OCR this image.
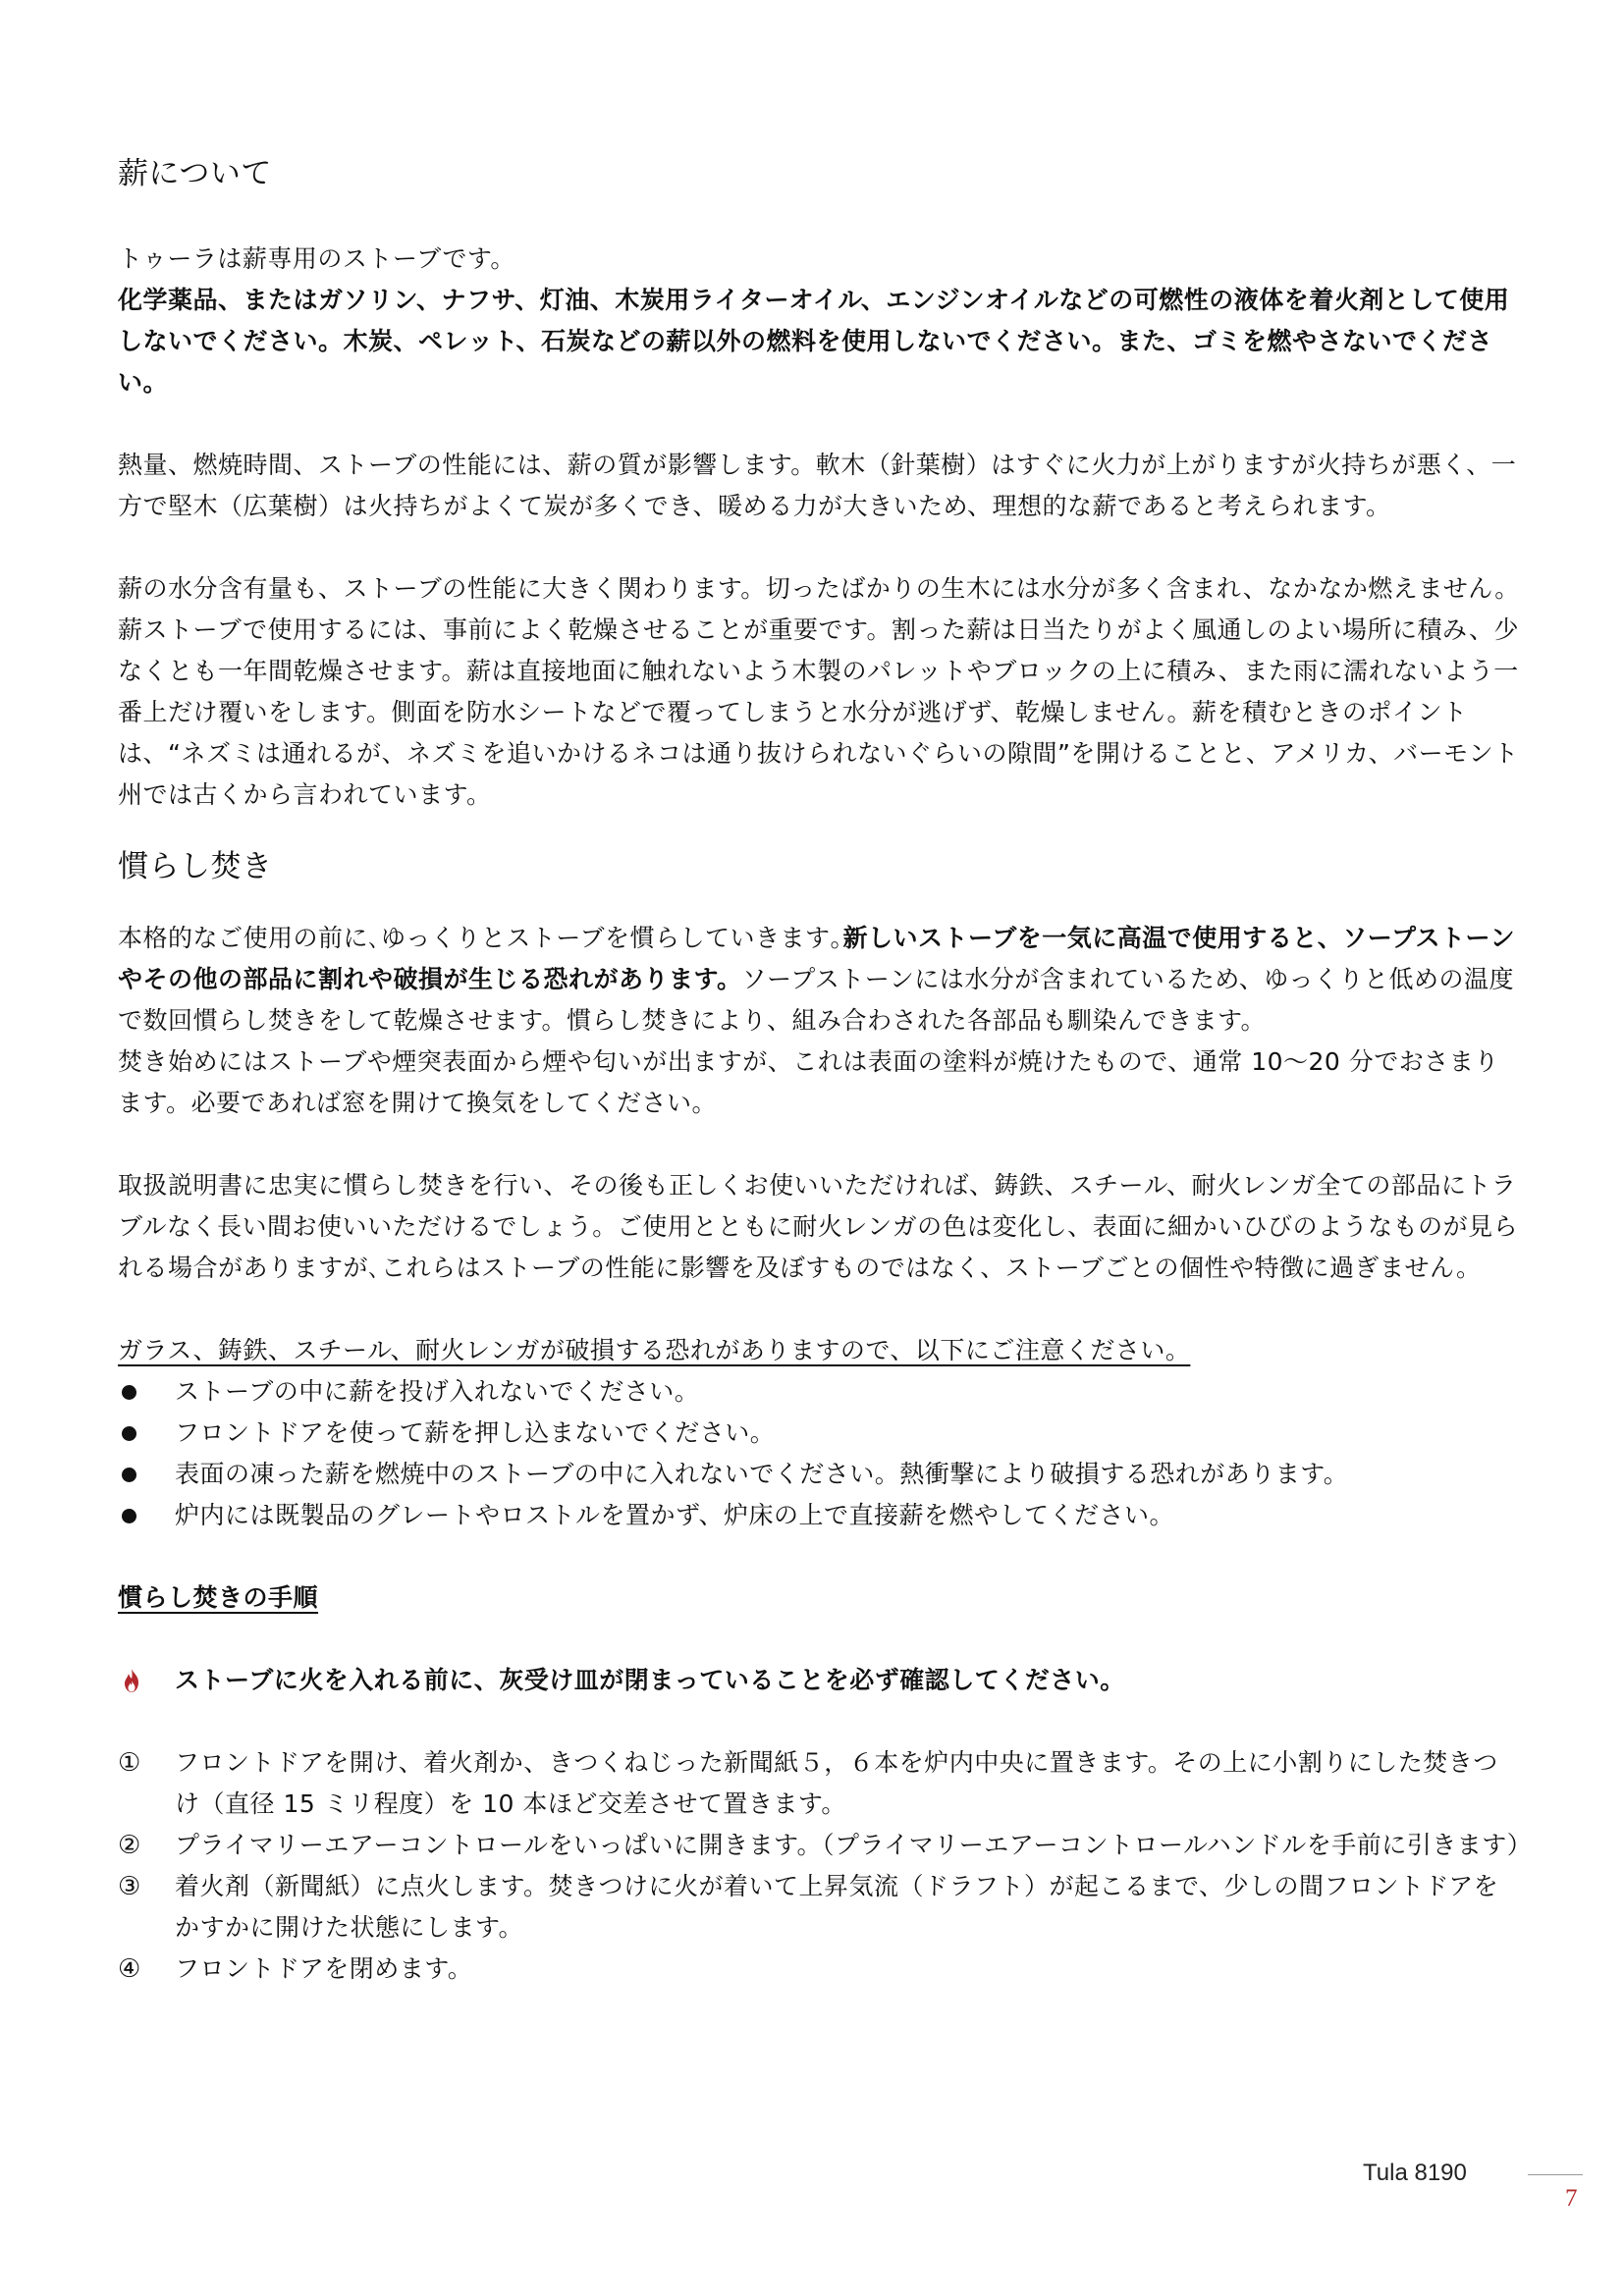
薪について

トゥーラは薪専用のストーブです。

化学薬品、またはガソリン、ナフサ、灯油、木炭用ライターオイル、エンジンオイルなどの可燃性の液体を着火剤として使用しないでください。木炭、ペレット、石炭などの薪以外の燃料を使用しないでください。また、ゴミを燃やさないでください。

熱量、燃焼時間、ストーブの性能には、薪の質が影響します。軟木（針葉樹）はすぐに火力が上がりますが火持ちが悪く、一方で堅木（広葉樹）は火持ちがよくて炭が多くでき、暖める力が大きいため、理想的な薪であると考えられます。

薪の水分含有量も、ストーブの性能に大きく関わります。切ったばかりの生木には水分が多く含まれ、なかなか燃えません。薪ストーブで使用するには、事前によく乾燥させることが重要です。割った薪は日当たりがよく風通しのよい場所に積み、少なくとも一年間乾燥させます。薪は直接地面に触れないよう木製のパレットやブロックの上に積み、また雨に濡れないよう一番上だけ覆いをします。側面を防水シートなどで覆ってしまうと水分が逃げず、乾燥しません。薪を積むときのポイントは、“ネズミは通れるが、ネズミを追いかけるネコは通り抜けられないぐらいの隙間”を開けることと、アメリカ、バーモント州では古くから言われています。

慣らし焚き

本格的なご使用の前に､ゆっくりとストーブを慣らしていきます｡新しいストーブを一気に高温で使用すると、ソープストーンやその他の部品に割れや破損が生じる恐れがあります。ソープストーンには水分が含まれているため、ゆっくりと低めの温度で数回慣らし焚きをして乾燥させます。慣らし焚きにより、組み合わされた各部品も馴染んできます。

焚き始めにはストーブや煙突表面から煙や匂いが出ますが、これは表面の塗料が焼けたもので、通常 10〜20 分でおさまります。必要であれば窓を開けて換気をしてください。

取扱説明書に忠実に慣らし焚きを行い、その後も正しくお使いいただければ、鋳鉄、スチール、耐火レンガ全ての部品にトラブルなく長い間お使いいただけるでしょう。ご使用とともに耐火レンガの色は変化し、表面に細かいひびのようなものが見られる場合がありますが､これらはストーブの性能に影響を及ぼすものではなく、ストーブごとの個性や特徴に過ぎません。

ガラス、鋳鉄、スチール、耐火レンガが破損する恐れがありますので、以下にご注意ください。

ストーブの中に薪を投げ入れないでください。
フロントドアを使って薪を押し込まないでください。
表面の凍った薪を燃焼中のストーブの中に入れないでください。熱衝撃により破損する恐れがあります。
炉内には既製品のグレートやロストルを置かず、炉床の上で直接薪を燃やしてください。

慣らし焚きの手順

ストーブに火を入れる前に、灰受け皿が閉まっていることを必ず確認してください。
① フロントドアを開け、着火剤か、きつくねじった新聞紙５，６本を炉内中央に置きます。その上に小割りにした焚きつけ（直径 15 ミリ程度）を 10 本ほど交差させて置きます。
② プライマリーエアーコントロールをいっぱいに開きます。（プライマリーエアーコントロールハンドルを手前に引きます）
③ 着火剤（新聞紙）に点火します。焚きつけに火が着いて上昇気流（ドラフト）が起こるまで、少しの間フロントドアをかすかに開けた状態にします。
④ フロントドアを閉めます。
Tula 8190
7
